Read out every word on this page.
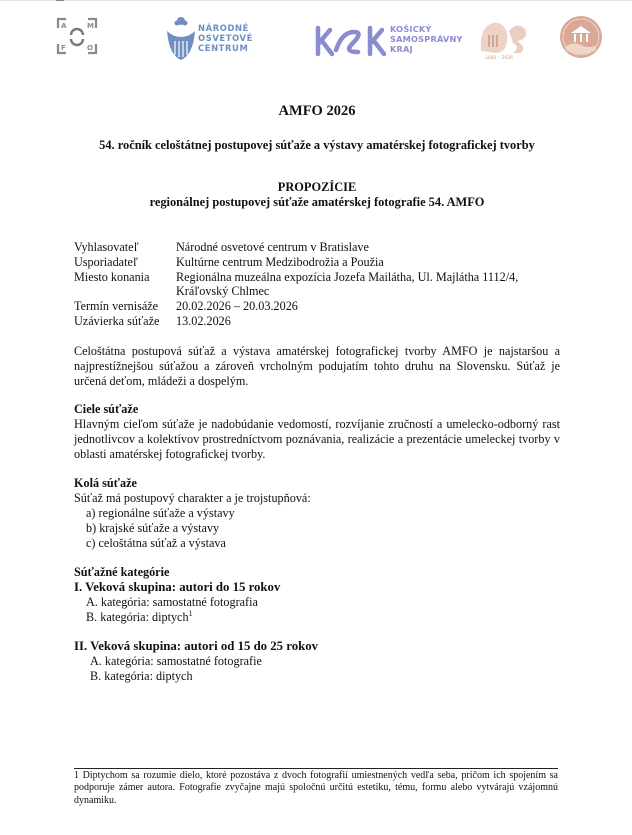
A	M
F	O
NÁRODNÉ
OSVETOVÉ
CENTRUM
KOŠICKÝ
SAMOSPRÁVNY
KRAJ
2002 – 2026
AMFO 2026
54. ročník celoštátnej postupovej súťaže a výstavy amatérskej fotografickej tvorby
PROPOZÍCIE
regionálnej postupovej súťaže amatérskej fotografie 54. AMFO
Vyhlasovateľ	Národné osvetové centrum v Bratislave
Usporiadateľ	Kultúrne centrum Medzibodrožia a Použia
Miesto konania	Regionálna muzeálna expozícia Jozefa Mailátha, Ul. Majlátha 1112/4,
Kráľovský Chlmec
Termín vernisáže	20.02.2026 – 20.03.2026
Uzávierka súťaže	13.02.2026
Celoštátna postupová súťaž a výstava amatérskej fotografickej tvorby AMFO je najstaršou a najprestížnejšou súťažou a zároveň vrcholným podujatím tohto druhu na Slovensku. Súťaž je určená deťom, mládeži a dospelým.
Ciele súťaže
Hlavným cieľom súťaže je nadobúdanie vedomostí, rozvíjanie zručností a umelecko-odborný rast jednotlivcov a kolektívov prostredníctvom poznávania, realizácie a prezentácie umeleckej tvorby v oblasti amatérskej fotografickej tvorby.
Kolá súťaže
Súťaž má postupový charakter a je trojstupňová:
a) regionálne súťaže a výstavy
b) krajské súťaže a výstavy
c) celoštátna súťaž a výstava
Súťažné kategórie
I. Veková skupina: autori do 15 rokov
A. kategória: samostatné fotografia
B. kategória: diptych$^1$
II. Veková skupina: autori od 15 do 25 rokov
A. kategória: samostatné fotografie
B. kategória: diptych
1 Diptychom sa rozumie dielo, ktoré pozostáva z dvoch fotografií umiestnených vedľa seba, pričom ich spojením sa podporuje zámer autora. Fotografie zvyčajne majú spoločnú určitú estetiku, tému, formu alebo vytvárajú vzájomnú dynamiku.
